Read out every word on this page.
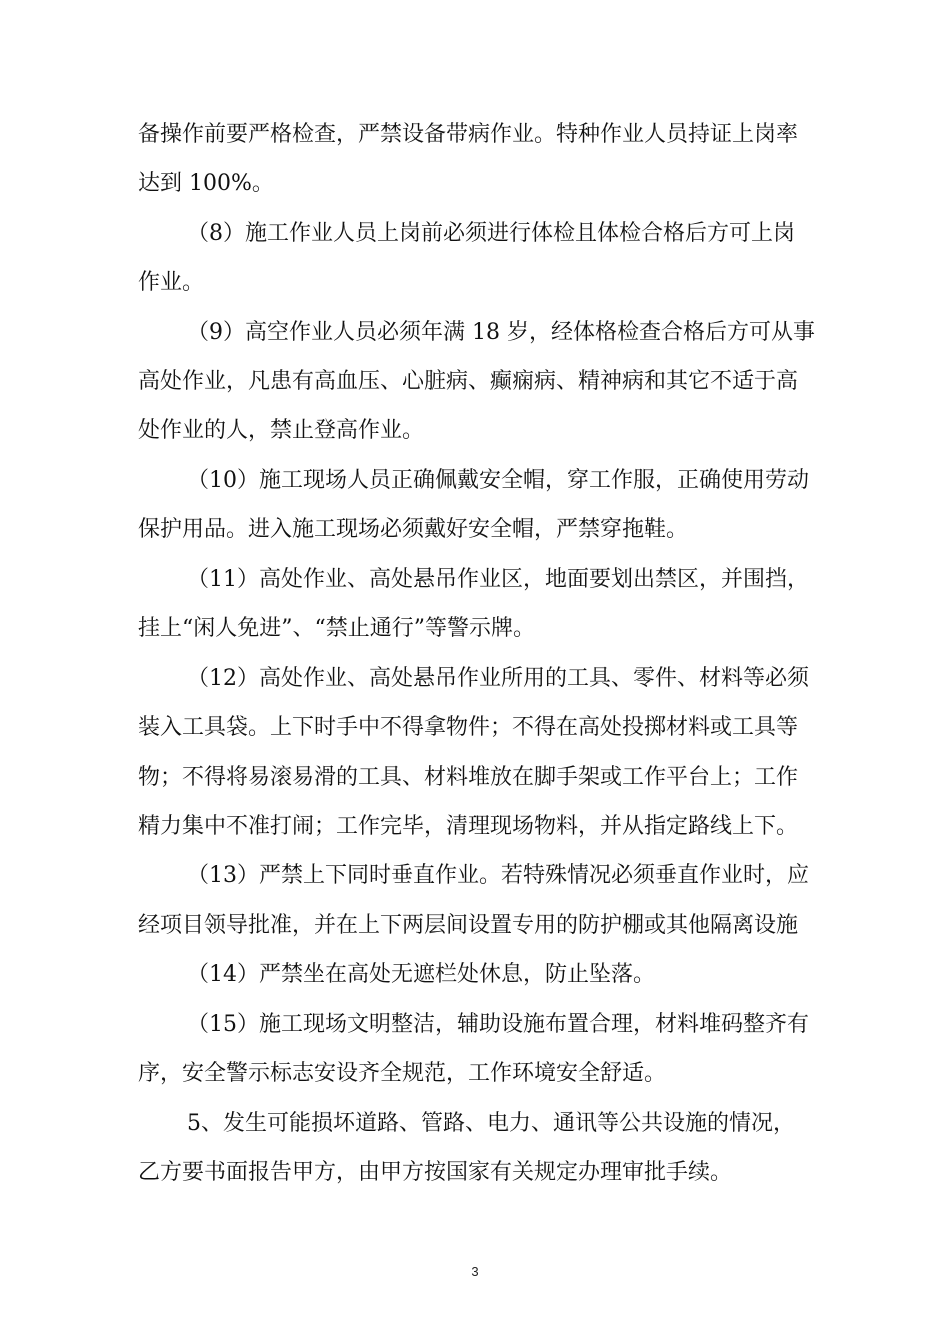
备操作前要严格检查，严禁设备带病作业。特种作业人员持证上岗率
达到 100%。
（8）施工作业人员上岗前必须进行体检且体检合格后方可上岗
作业。
（9）高空作业人员必须年满 18 岁，经体格检查合格后方可从事
高处作业，凡患有高血压、心脏病、癫痫病、精神病和其它不适于高
处作业的人，禁止登高作业。
（10）施工现场人员正确佩戴安全帽，穿工作服，正确使用劳动
保护用品。进入施工现场必须戴好安全帽，严禁穿拖鞋。
（11）高处作业、高处悬吊作业区，地面要划出禁区，并围挡，
挂上“闲人免进”、“禁止通行”等警示牌。
（12）高处作业、高处悬吊作业所用的工具、零件、材料等必须
装入工具袋。上下时手中不得拿物件；不得在高处投掷材料或工具等
物；不得将易滚易滑的工具、材料堆放在脚手架或工作平台上；工作
精力集中不准打闹；工作完毕，清理现场物料，并从指定路线上下。
（13）严禁上下同时垂直作业。若特殊情况必须垂直作业时，应
经项目领导批准，并在上下两层间设置专用的防护棚或其他隔离设施
（14）严禁坐在高处无遮栏处休息，防止坠落。
（15）施工现场文明整洁，辅助设施布置合理，材料堆码整齐有
序，安全警示标志安设齐全规范，工作环境安全舒适。
5、发生可能损坏道路、管路、电力、通讯等公共设施的情况，
乙方要书面报告甲方，由甲方按国家有关规定办理审批手续。
3
